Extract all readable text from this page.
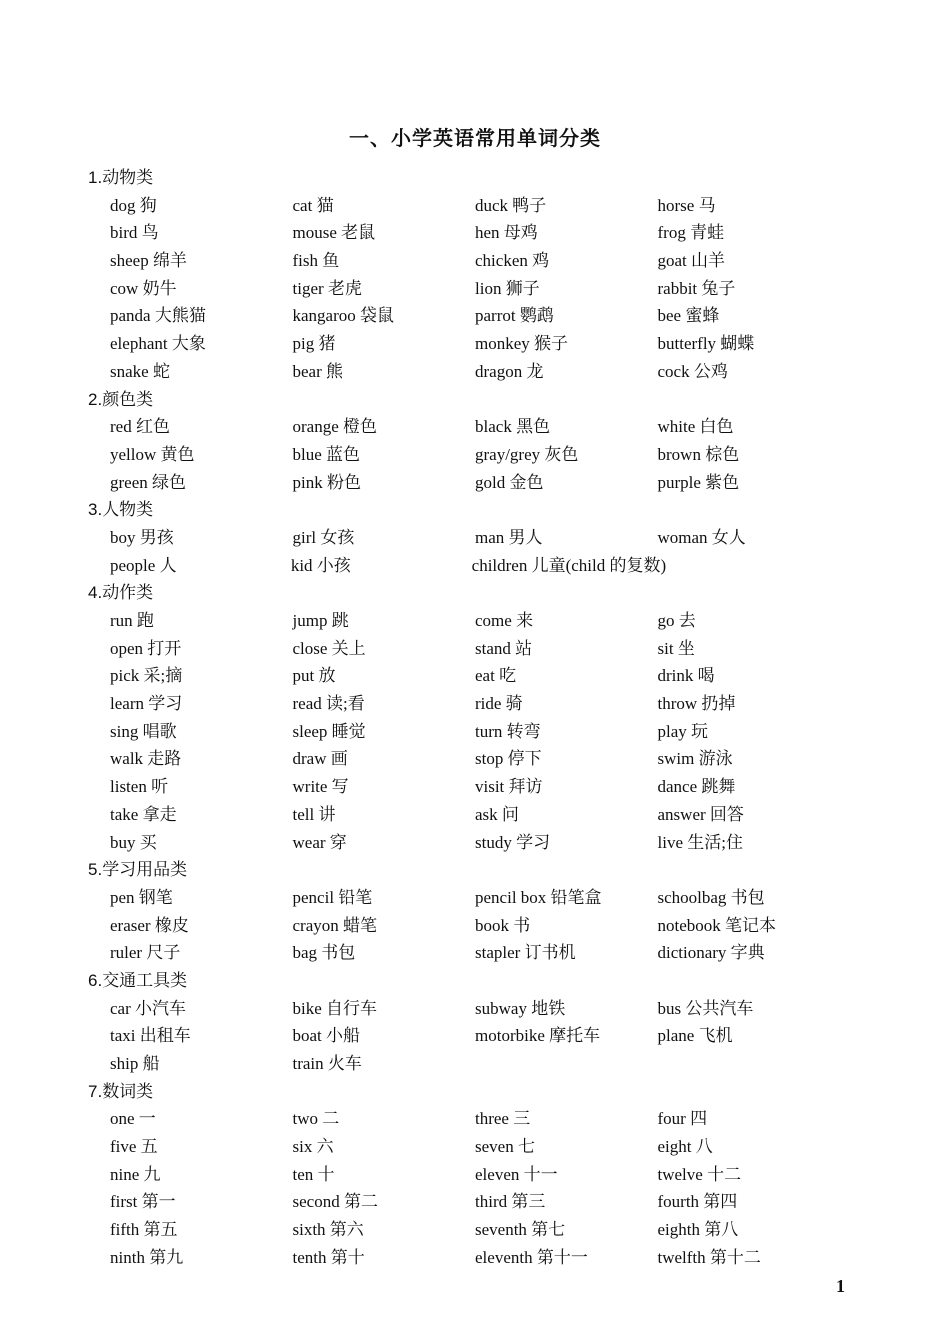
一、小学英语常用单词分类
1.动物类
dog 狗	cat 猫	duck 鸭子	horse 马
bird 鸟	mouse 老鼠	hen 母鸡	frog 青蛙
sheep 绵羊	fish 鱼	chicken 鸡	goat 山羊
cow 奶牛	tiger 老虎	lion 狮子	rabbit 兔子
panda 大熊猫	kangaroo 袋鼠	parrot 鹦鹉	bee 蜜蜂
elephant 大象	pig 猪	monkey 猴子	butterfly 蝴蝶
snake 蛇	bear 熊	dragon 龙	cock 公鸡
2.颜色类
red 红色	orange 橙色	black 黑色	white 白色
yellow 黄色	blue 蓝色	gray/grey 灰色	brown 棕色
green 绿色	pink 粉色	gold 金色	purple 紫色
3.人物类
boy 男孩	girl 女孩	man 男人	woman 女人
people 人	kid 小孩	children 儿童(child 的复数)
4.动作类
run 跑	jump 跳	come 来	go 去
open 打开	close 关上	stand 站	sit 坐
pick 采;摘	put 放	eat 吃	drink 喝
learn 学习	read 读;看	ride 骑	throw 扔掉
sing 唱歌	sleep 睡觉	turn 转弯	play 玩
walk 走路	draw 画	stop 停下	swim 游泳
listen 听	write 写	visit 拜访	dance 跳舞
take 拿走	tell 讲	ask 问	answer 回答
buy 买	wear 穿	study 学习	live 生活;住
5.学习用品类
pen 钢笔	pencil 铅笔	pencil box 铅笔盒	schoolbag 书包
eraser 橡皮	crayon 蜡笔	book 书	notebook 笔记本
ruler 尺子	bag 书包	stapler 订书机	dictionary 字典
6.交通工具类
car 小汽车	bike 自行车	subway 地铁	bus 公共汽车
taxi 出租车	boat 小船	motorbike 摩托车	plane 飞机
ship 船	train 火车
7.数词类
one 一	two 二	three 三	four 四
five 五	six 六	seven 七	eight 八
nine 九	ten 十	eleven 十一	twelve 十二
first 第一	second 第二	third 第三	fourth 第四
fifth 第五	sixth 第六	seventh 第七	eighth 第八
ninth 第九	tenth 第十	eleventh 第十一	twelfth 第十二
1
